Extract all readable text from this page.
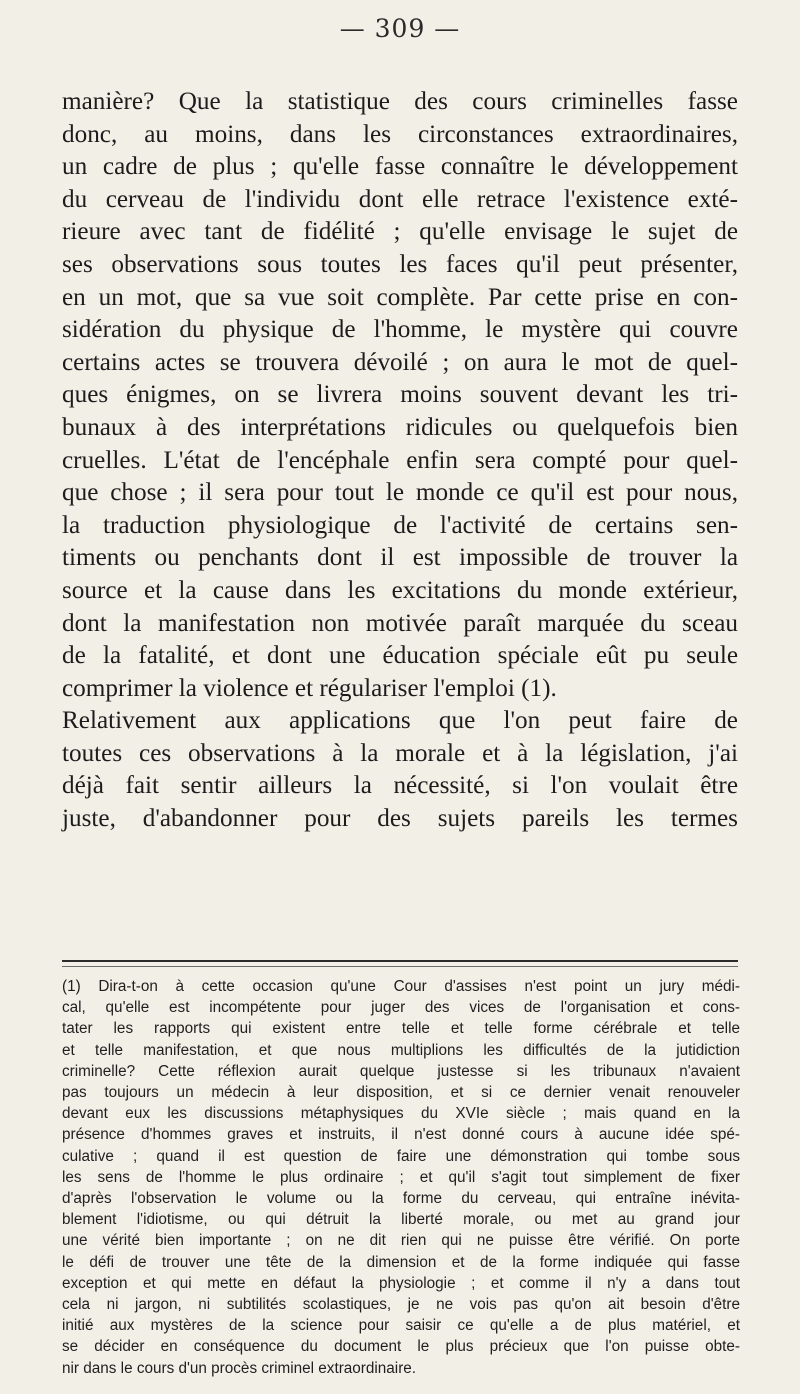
— 309 —

manière? Que la statistique des cours criminelles fasse

donc, au moins, dans les circonstances extraordinaires,

un cadre de plus ; qu'elle fasse connaître le développement

du cerveau de l'individu dont elle retrace l'existence exté-

rieure avec tant de fidélité ; qu'elle envisage le sujet de

ses observations sous toutes les faces qu'il peut présenter,

en un mot, que sa vue soit complète. Par cette prise en con-

sidération du physique de l'homme, le mystère qui couvre

certains actes se trouvera dévoilé ; on aura le mot de quel-

ques énigmes, on se livrera moins souvent devant les tri-

bunaux à des interprétations ridicules ou quelquefois bien

cruelles. L'état de l'encéphale enfin sera compté pour quel-

que chose ; il sera pour tout le monde ce qu'il est pour nous,

la traduction physiologique de l'activité de certains sen-

timents ou penchants dont il est impossible de trouver la

source et la cause dans les excitations du monde extérieur,

dont la manifestation non motivée paraît marquée du sceau

de la fatalité, et dont une éducation spéciale eût pu seule

comprimer la violence et régulariser l'emploi (1).

Relativement aux applications que l'on peut faire de

toutes ces observations à la morale et à la législation, j'ai

déjà fait sentir ailleurs la nécessité, si l'on voulait être

juste, d'abandonner pour des sujets pareils les termes

(1) Dira-t-on à cette occasion qu'une Cour d'assises n'est point un jury médi-

cal, qu'elle est incompétente pour juger des vices de l'organisation et cons-

tater les rapports qui existent entre telle et telle forme cérébrale et telle

et telle manifestation, et que nous multiplions les difficultés de la jutidiction

criminelle? Cette réflexion aurait quelque justesse si les tribunaux n'avaient

pas toujours un médecin à leur disposition, et si ce dernier venait renouveler

devant eux les discussions métaphysiques du XVIe siècle ; mais quand en la

présence d'hommes graves et instruits, il n'est donné cours à aucune idée spé-

culative ; quand il est question de faire une démonstration qui tombe sous

les sens de l'homme le plus ordinaire ; et qu'il s'agit tout simplement de fixer

d'après l'observation le volume ou la forme du cerveau, qui entraîne inévita-

blement l'idiotisme, ou qui détruit la liberté morale, ou met au grand jour

une vérité bien importante ; on ne dit rien qui ne puisse être vérifié. On porte

le défi de trouver une tête de la dimension et de la forme indiquée qui fasse

exception et qui mette en défaut la physiologie ; et comme il n'y a dans tout

cela ni jargon, ni subtilités scolastiques, je ne vois pas qu'on ait besoin d'être

initié aux mystères de la science pour saisir ce qu'elle a de plus matériel, et

se décider en conséquence du document le plus précieux que l'on puisse obte-

nir dans le cours d'un procès criminel extraordinaire.
